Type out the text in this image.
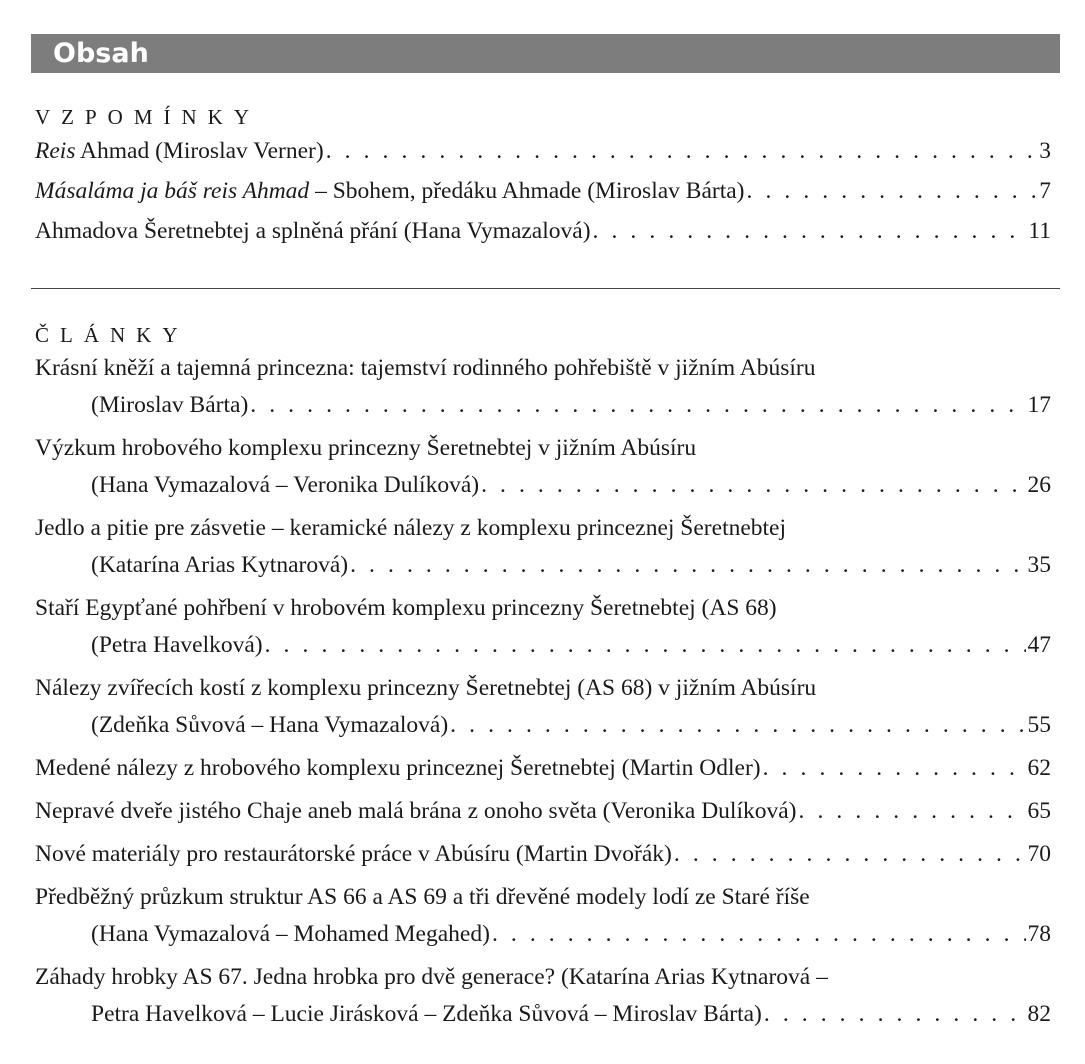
Obsah
VZPOMÍNKY
Reis Ahmad (Miroslav Verner) . . .	3
Másaláma ja báš reis Ahmad – Sbohem, předáku Ahmade (Miroslav Bárta) . . .	7
Ahmadova Šeretnebtej a splněná přání (Hana Vymazalová) . . .	11
ČLÁNKY
Krásní kněží a tajemná princezna: tajemství rodinného pohřebiště v jižním Abúsíru
(Miroslav Bárta) . . .	17
Výzkum hrobového komplexu princezny Šeretnebtej v jižním Abúsíru
(Hana Vymazalová – Veronika Dulíková) . . .	26
Jedlo a pitie pre zásvetie – keramické nálezy z komplexu princeznej Šeretnebtej
(Katarína Arias Kytnarová) . . .	35
Staří Egypťané pohřbení v hrobovém komplexu princezny Šeretnebtej (AS 68)
(Petra Havelková) . . .	47
Nálezy zvířecích kostí z komplexu princezny Šeretnebtej (AS 68) v jižním Abúsíru
(Zdeňka Sůvová – Hana Vymazalová) . . .	55
Medené nálezy z hrobového komplexu princeznej Šeretnebtej (Martin Odler) . . .	62
Nepravé dveře jistého Chaje aneb malá brána z onoho světa (Veronika Dulíková) . . .	65
Nové materiály pro restaurátorské práce v Abúsíru (Martin Dvořák) . . .	70
Předběžný průzkum struktur AS 66 a AS 69 a tři dřevěné modely lodí ze Staré říše
(Hana Vymazalová – Mohamed Megahed) . . .	78
Záhady hrobky AS 67. Jedna hrobka pro dvě generace? (Katarína Arias Kytnarová –
Petra Havelková – Lucie Jirásková – Zdeňka Sůvová – Miroslav Bárta) . . .	82
